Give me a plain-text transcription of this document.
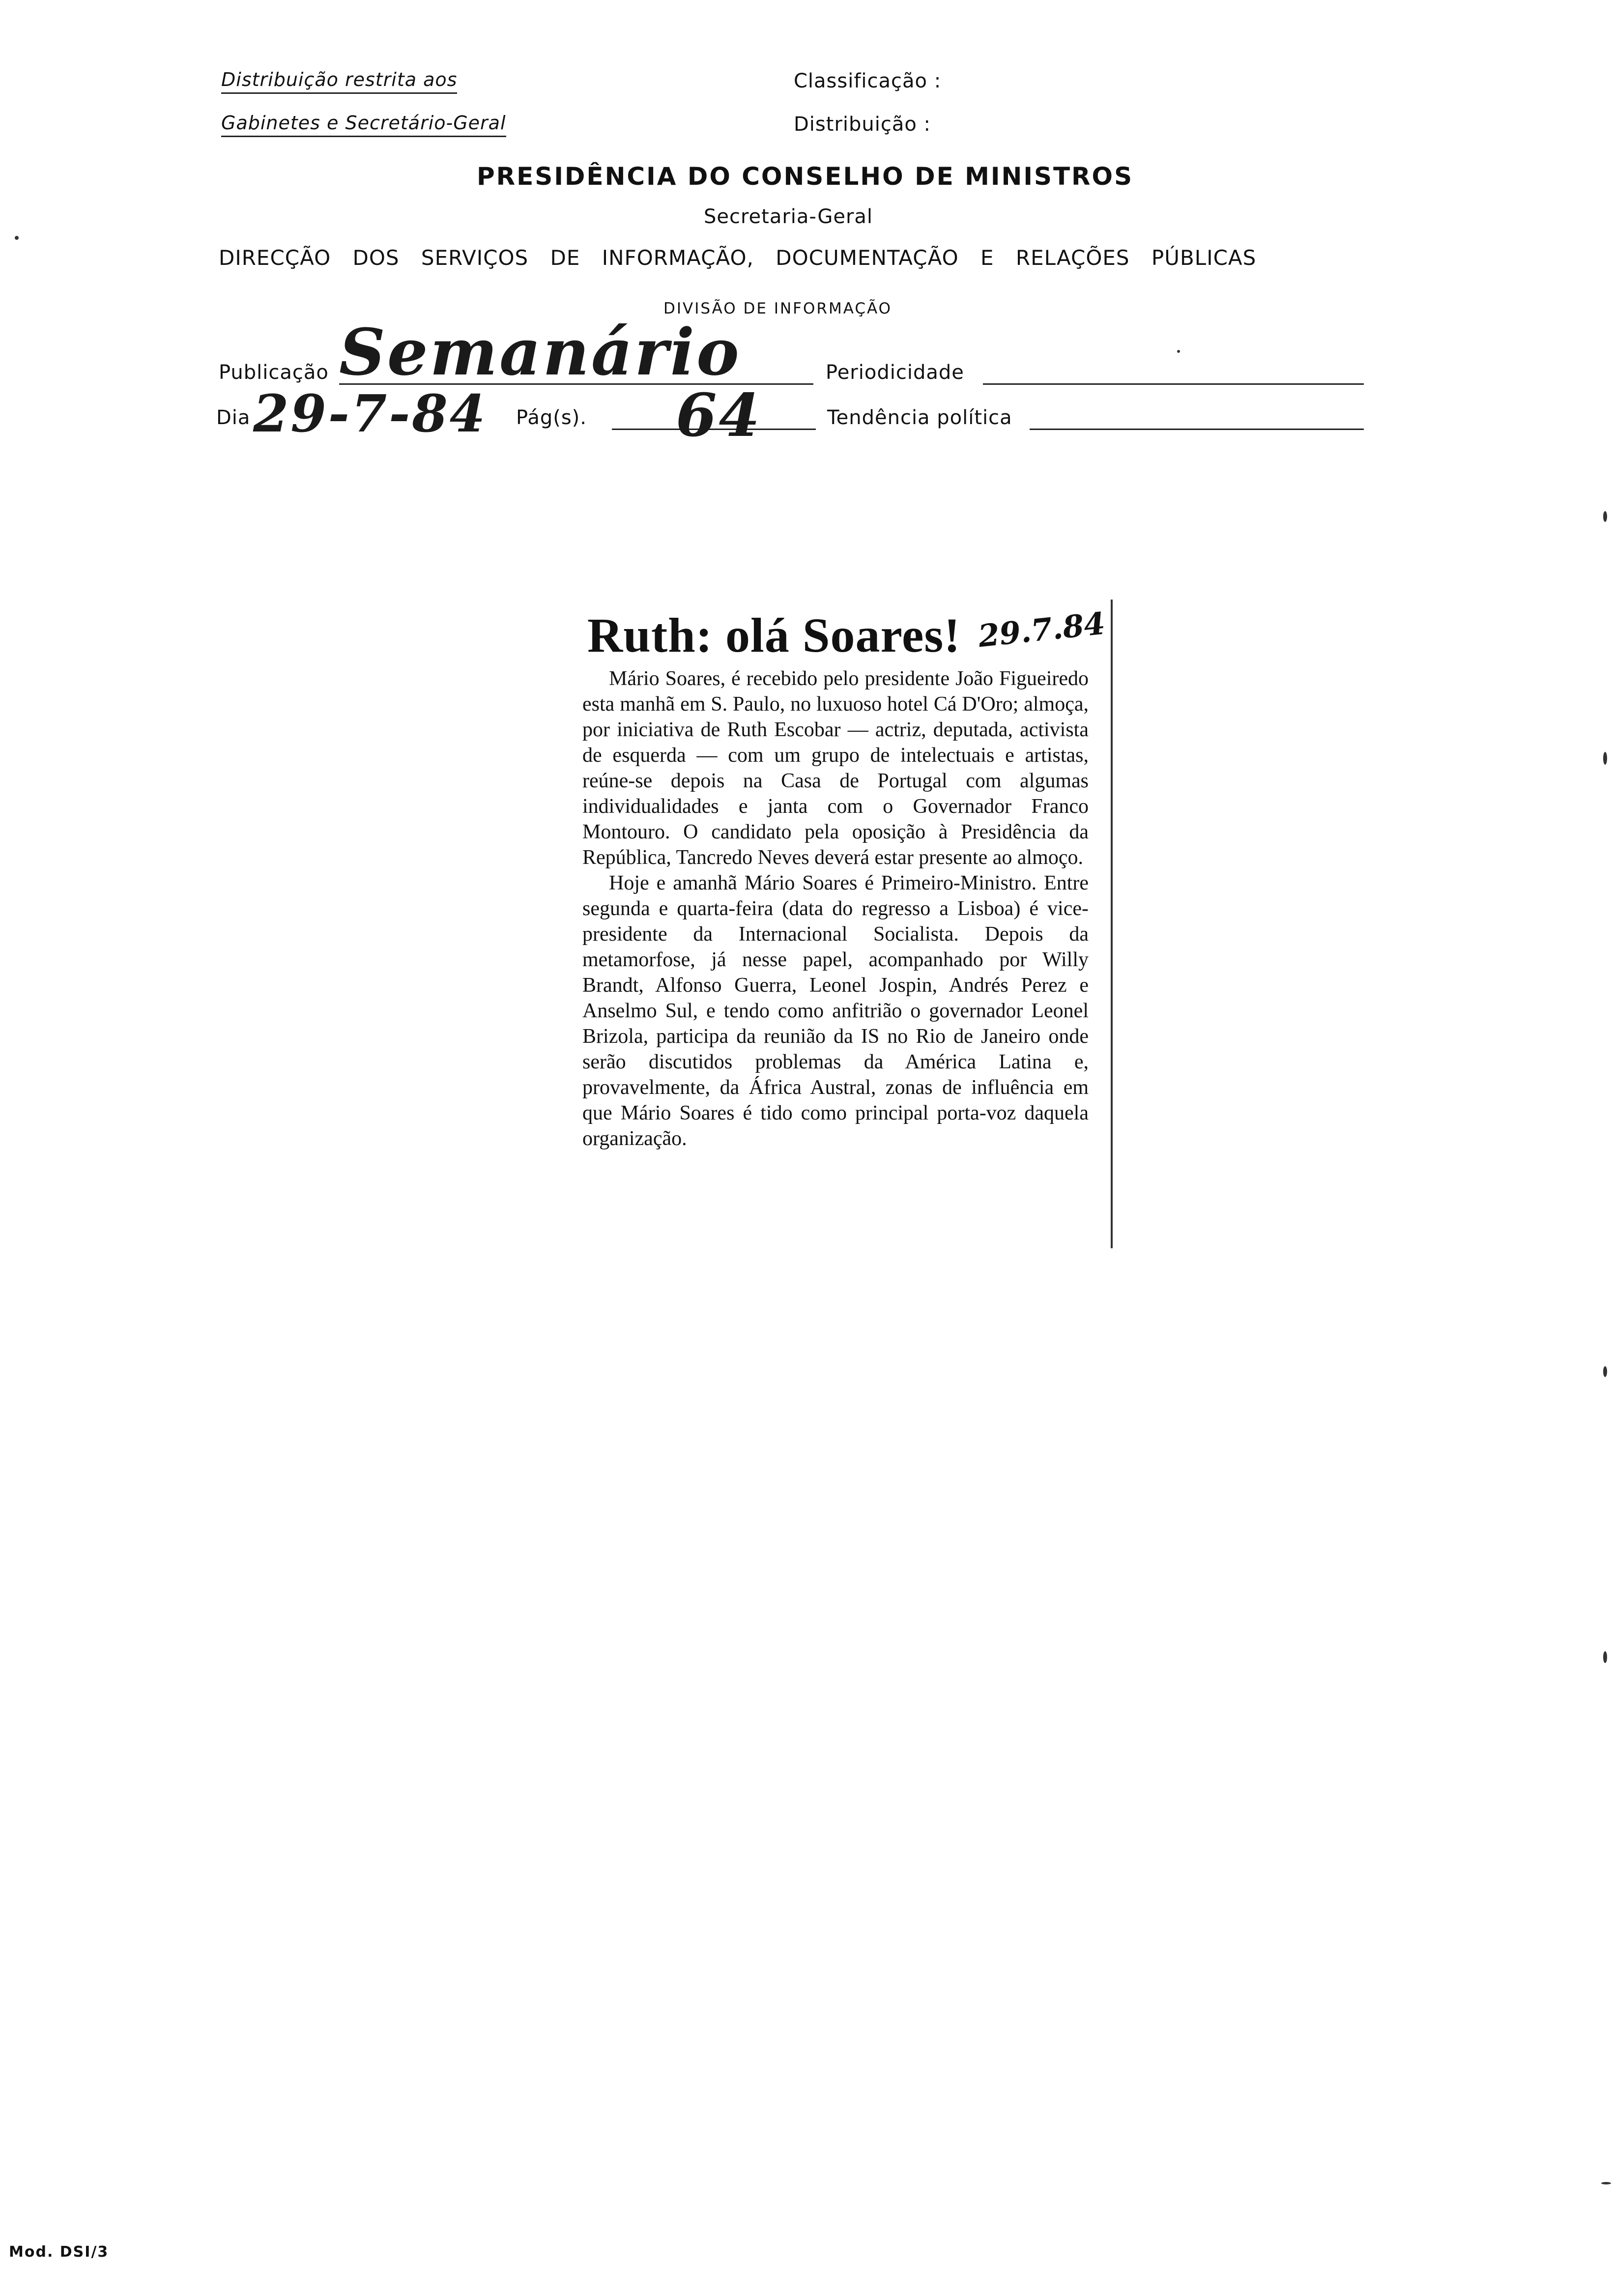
Distribuição restrita aos
Gabinetes e Secretário-Geral
Classificação :
Distribuição :
PRESIDÊNCIA DO CONSELHO DE MINISTROS
Secretaria-Geral
DIRECÇÃO DOS SERVIÇOS DE INFORMAÇÃO, DOCUMENTAÇÃO E RELAÇÕES PÚBLICAS
DIVISÃO DE INFORMAÇÃO
Publicação Semanário	Periodicidade
Dia 29-7-84 Pág(s). 64	Tendência política
Ruth: olá Soares! 29.7.84

Mário Soares, é recebido pelo presidente João Figueiredo esta manhã em S. Paulo, no luxuoso hotel Cá D'Oro; almoça, por iniciativa de Ruth Escobar — actriz, deputada, activista de esquerda — com um grupo de intelectuais e artistas, reúne-se depois na Casa de Portugal com algumas individualidades e janta com o Governador Franco Montouro. O candidato pela oposição à Presidência da República, Tancredo Neves deverá estar presente ao almoço.

Hoje e amanhã Mário Soares é Primeiro-Ministro. Entre segunda e quarta-feira (data do regresso a Lisboa) é vice-presidente da Internacional Socialista. Depois da metamorfose, já nesse papel, acompanhado por Willy Brandt, Alfonso Guerra, Leonel Jospin, Andrés Perez e Anselmo Sul, e tendo como anfitrião o governador Leonel Brizola, participa da reunião da IS no Rio de Janeiro onde serão discutidos problemas da América Latina e, provavelmente, da África Austral, zonas de influência em que Mário Soares é tido como principal porta-voz daquela organização.

Mod. DSI/3
